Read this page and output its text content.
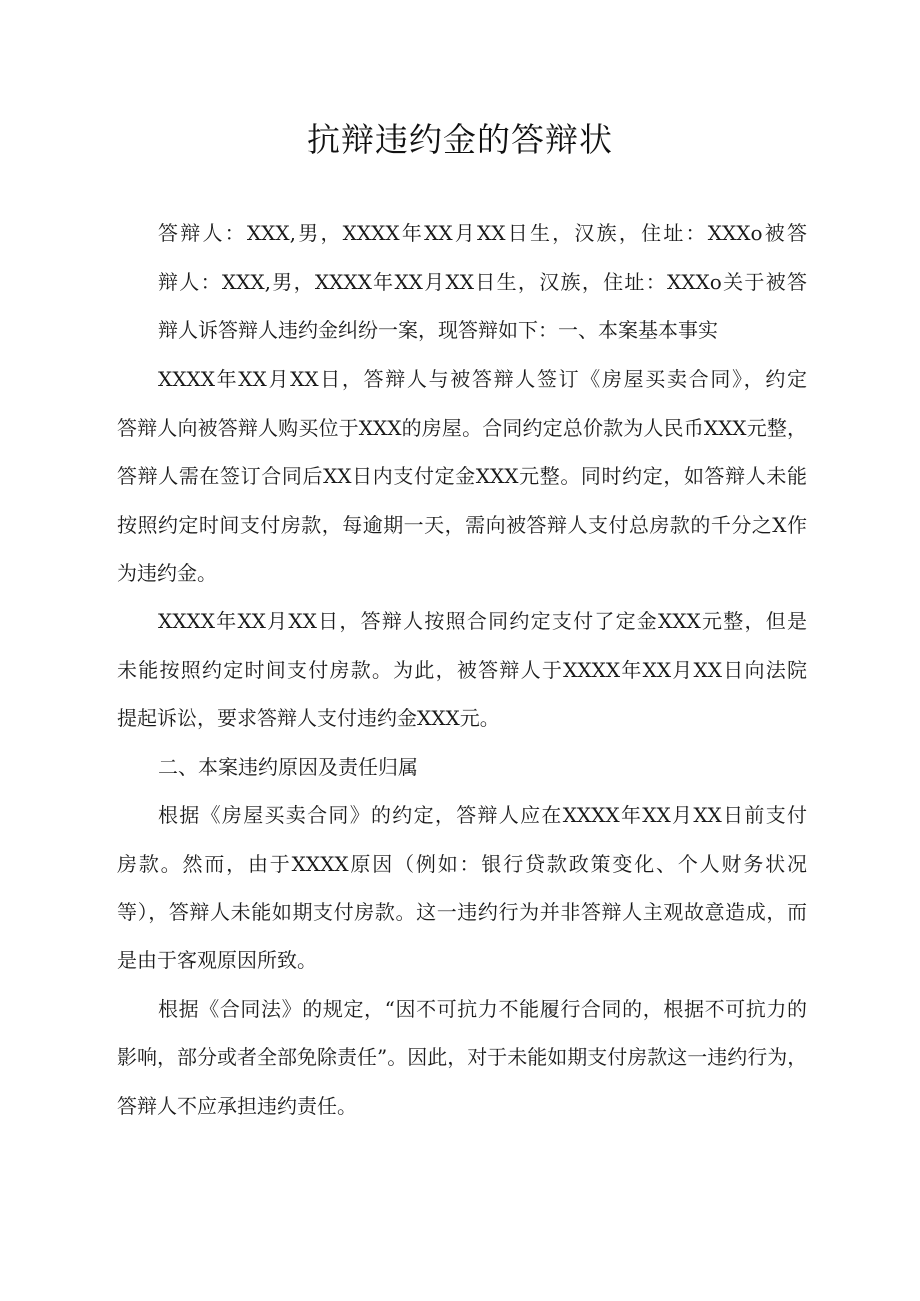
抗辩违约金的答辩状

答辩人：XXX,男，XXXX年XX月XX日生，汉族，住址：XXXo被答

辩人：XXX,男，XXXX年XX月XX日生，汉族，住址：XXXo关于被答

辩人诉答辩人违约金纠纷一案，现答辩如下：一、本案基本事实

XXXX年XX月XX日，答辩人与被答辩人签订《房屋买卖合同》，约定

答辩人向被答辩人购买位于XXX的房屋。合同约定总价款为人民币XXX元整，

答辩人需在签订合同后XX日内支付定金XXX元整。同时约定，如答辩人未能

按照约定时间支付房款，每逾期一天，需向被答辩人支付总房款的千分之X作

为违约金。

XXXX年XX月XX日，答辩人按照合同约定支付了定金XXX元整，但是

未能按照约定时间支付房款。为此，被答辩人于XXXX年XX月XX日向法院

提起诉讼，要求答辩人支付违约金XXX元。

二、本案违约原因及责任归属

根据《房屋买卖合同》的约定，答辩人应在XXXX年XX月XX日前支付

房款。然而，由于XXXX原因（例如：银行贷款政策变化、个人财务状况

等），答辩人未能如期支付房款。这一违约行为并非答辩人主观故意造成，而

是由于客观原因所致。

根据《合同法》的规定，“因不可抗力不能履行合同的，根据不可抗力的

影响，部分或者全部免除责任”。因此，对于未能如期支付房款这一违约行为，

答辩人不应承担违约责任。
